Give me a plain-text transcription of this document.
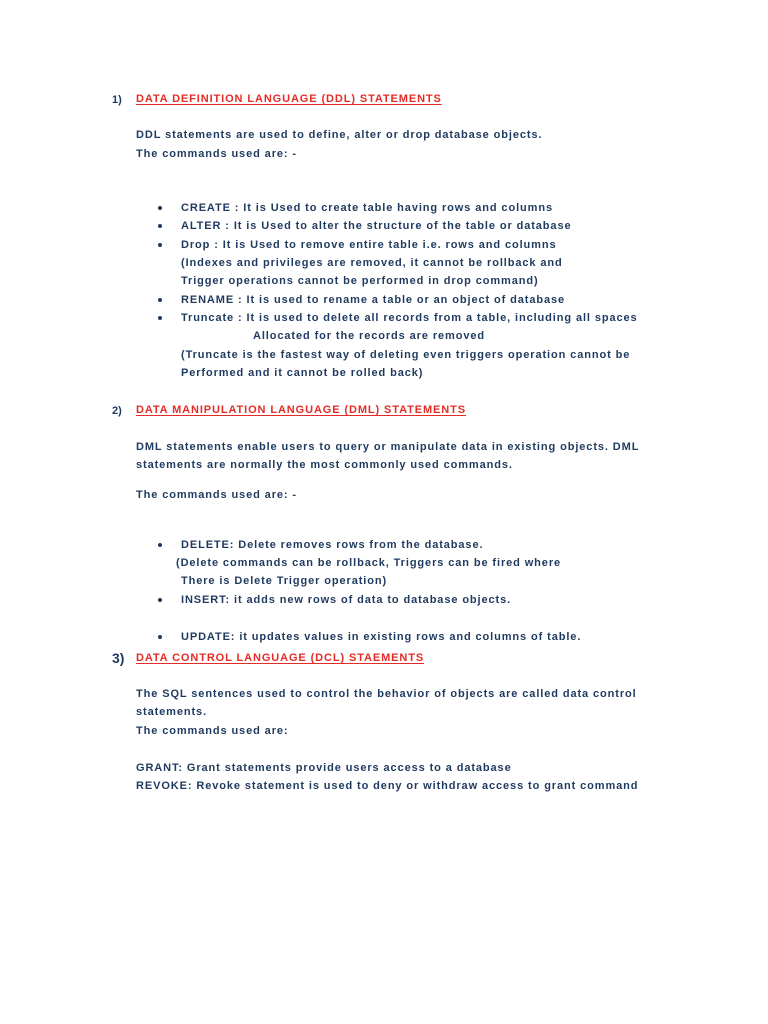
1) DATA DEFINITION LANGUAGE (DDL) STATEMENTS
DDL statements are used to define, alter or drop database objects.
The commands used are: -
CREATE : It is Used to create table having rows and columns
ALTER : It is Used to alter the structure of the table or database
Drop : It is Used to remove entire table i.e. rows and columns
(Indexes and privileges are removed, it cannot be rollback and
Trigger operations cannot be performed in drop command)
RENAME : It is used to rename a table or an object of database
Truncate : It is used to delete all records from a table, including all spaces
Allocated for the records are removed
(Truncate is the fastest way of deleting even triggers operation cannot be
Performed and it cannot be rolled back)
2) DATA MANIPULATION LANGUAGE (DML) STATEMENTS
DML statements enable users to query or manipulate data in existing objects. DML
statements are normally the most commonly used commands.
The commands used are: -
DELETE: Delete removes rows from the database.
(Delete commands can be rollback, Triggers can be fired where
There is Delete Trigger operation)
INSERT: it adds new rows of data to database objects.
UPDATE: it updates values in existing rows and columns of table.
3) DATA CONTROL LANGUAGE (DCL) STAEMENTS
The SQL sentences used to control the behavior of objects are called data control
statements.
The commands used are:
GRANT: Grant statements provide users access to a database
REVOKE: Revoke statement is used to deny or withdraw access to grant command
